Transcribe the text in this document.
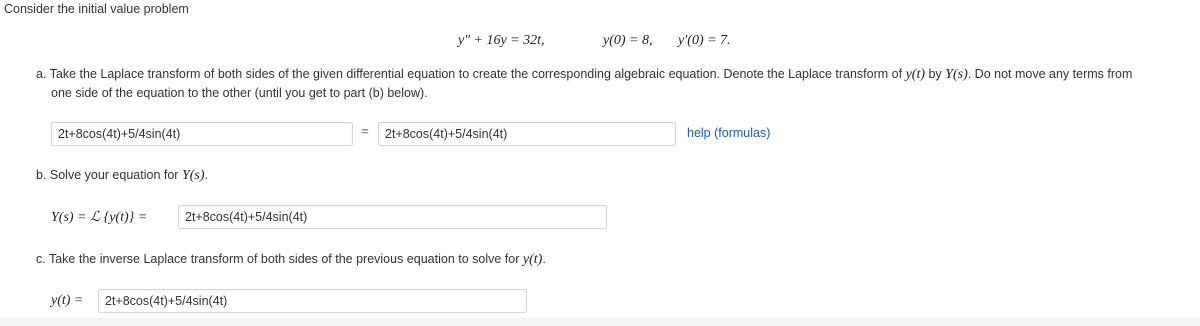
Consider the initial value problem
y″ + 16y = 32t,	y(0) = 8, y′(0) = 7.
a. Take the Laplace transform of both sides of the given differential equation to create the corresponding algebraic equation. Denote the Laplace transform of y(t) by Y(s). Do not move any terms from
one side of the equation to the other (until you get to part (b) below).
2t+8cos(4t)+5/4sin(4t)	=	2t+8cos(4t)+5/4sin(4t)	help (formulas)
b. Solve your equation for Y(s).
Y(s) = ℒ {y(t)} =	2t+8cos(4t)+5/4sin(4t)
c. Take the inverse Laplace transform of both sides of the previous equation to solve for y(t).
y(t) =	2t+8cos(4t)+5/4sin(4t)
